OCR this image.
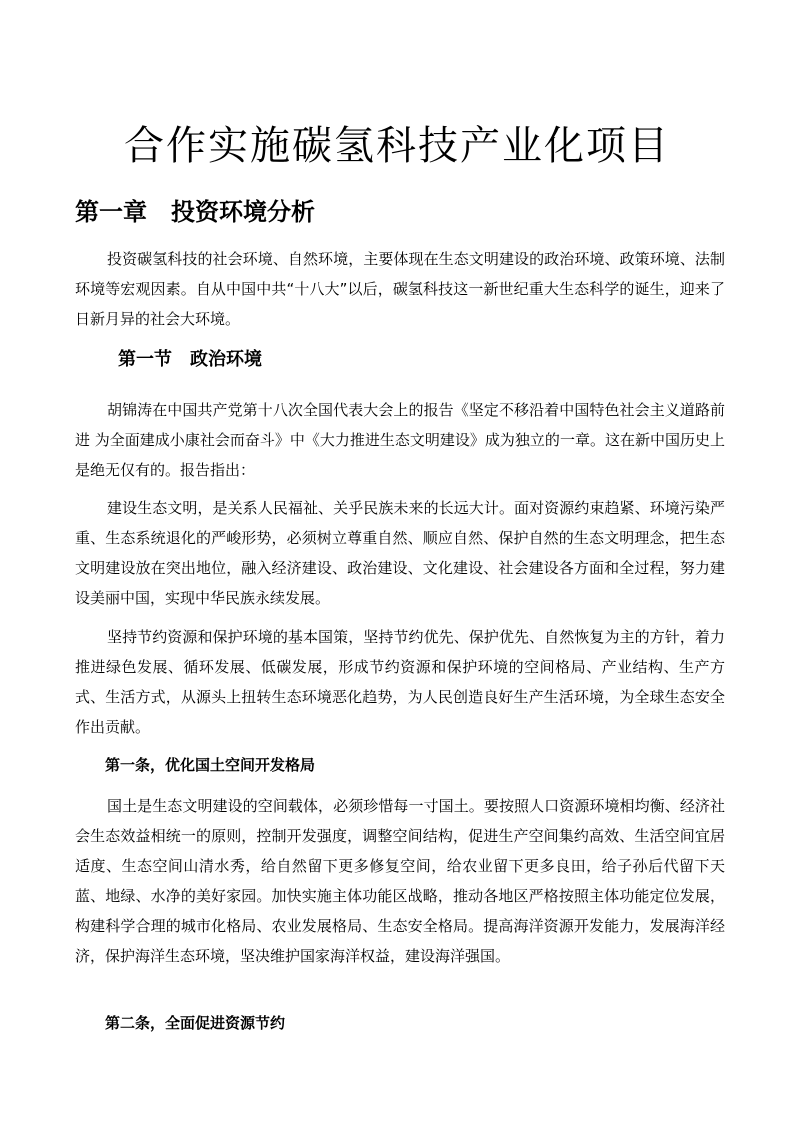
合作实施碳氢科技产业化项目
第一章　投资环境分析

投资碳氢科技的社会环境、自然环境，主要体现在生态文明建设的政治环境、政策环境、法制环境等宏观因素。自从中国中共“十八大”以后，碳氢科技这一新世纪重大生态科学的诞生，迎来了日新月异的社会大环境。

第一节　政治环境

胡锦涛在中国共产党第十八次全国代表大会上的报告《坚定不移沿着中国特色社会主义道路前进 为全面建成小康社会而奋斗》中《大力推进生态文明建设》成为独立的一章。这在新中国历史上是绝无仅有的。报告指出：

建设生态文明，是关系人民福祉、关乎民族未来的长远大计。面对资源约束趋紧、环境污染严重、生态系统退化的严峻形势，必须树立尊重自然、顺应自然、保护自然的生态文明理念，把生态文明建设放在突出地位，融入经济建设、政治建设、文化建设、社会建设各方面和全过程，努力建设美丽中国，实现中华民族永续发展。

坚持节约资源和保护环境的基本国策，坚持节约优先、保护优先、自然恢复为主的方针，着力推进绿色发展、循环发展、低碳发展，形成节约资源和保护环境的空间格局、产业结构、生产方式、生活方式，从源头上扭转生态环境恶化趋势，为人民创造良好生产生活环境，为全球生态安全作出贡献。

第一条，优化国土空间开发格局

国土是生态文明建设的空间载体，必须珍惜每一寸国土。要按照人口资源环境相均衡、经济社会生态效益相统一的原则，控制开发强度，调整空间结构，促进生产空间集约高效、生活空间宜居适度、生态空间山清水秀，给自然留下更多修复空间，给农业留下更多良田，给子孙后代留下天蓝、地绿、水净的美好家园。加快实施主体功能区战略，推动各地区严格按照主体功能定位发展，构建科学合理的城市化格局、农业发展格局、生态安全格局。提高海洋资源开发能力，发展海洋经济，保护海洋生态环境，坚决维护国家海洋权益，建设海洋强国。

第二条，全面促进资源节约
